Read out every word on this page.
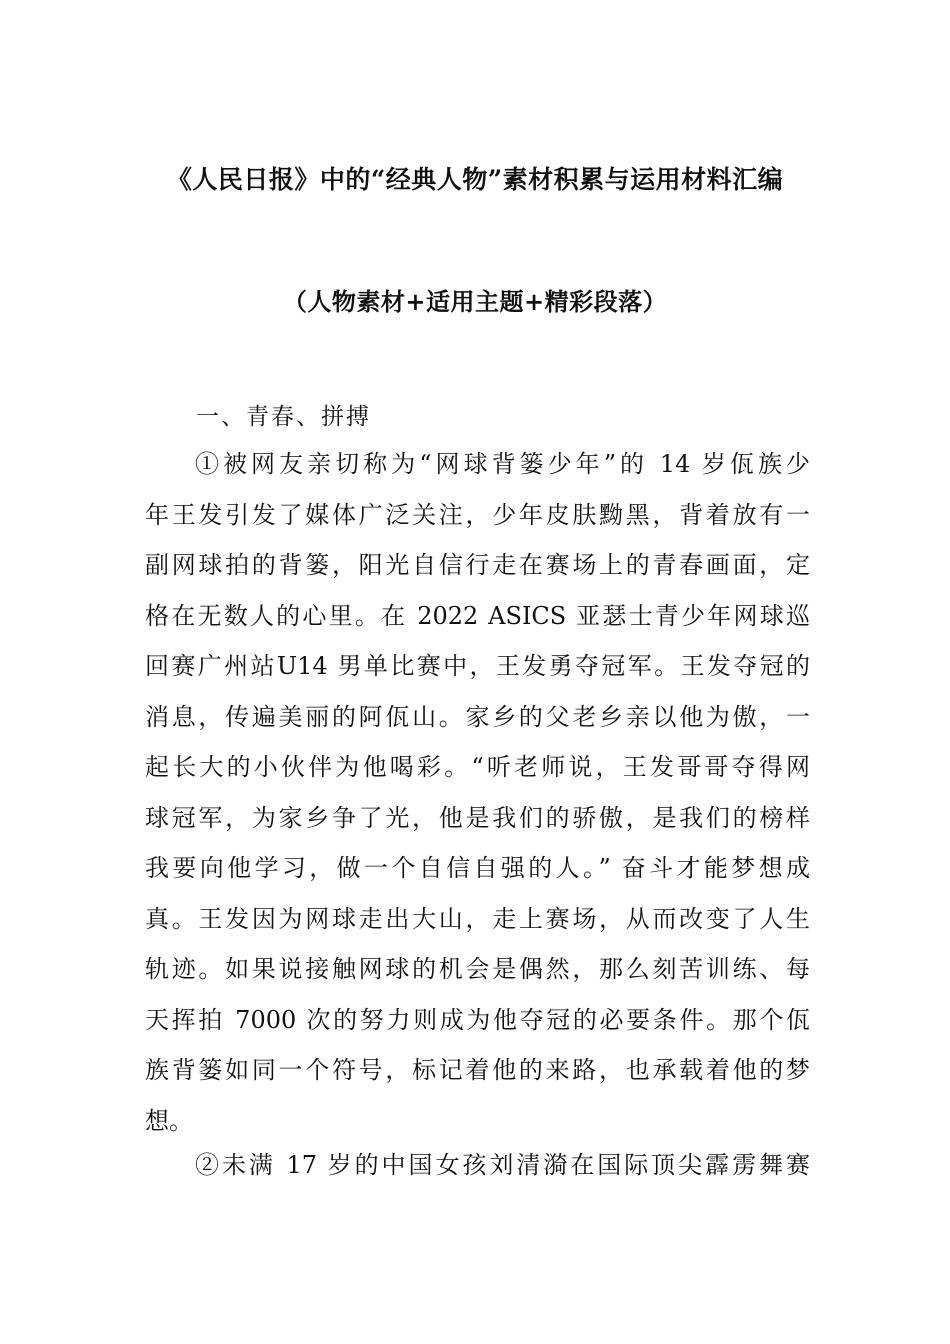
《人民日报》中的“经典人物”素材积累与运用材料汇编
（人物素材+适用主题+精彩段落）
一、青春、拼搏
①被网友亲切称为“网球背篓少年”的 14 岁佤族少
年王发引发了媒体广泛关注，少年皮肤黝黑，背着放有一
副网球拍的背篓，阳光自信行走在赛场上的青春画面，定
格在无数人的心里。在 2022 ASICS 亚瑟士青少年网球巡
回赛广州站U14 男单比赛中，王发勇夺冠军。王发夺冠的
消息，传遍美丽的阿佤山。家乡的父老乡亲以他为傲，一
起长大的小伙伴为他喝彩。“听老师说，王发哥哥夺得网
球冠军，为家乡争了光，他是我们的骄傲，是我们的榜样
我要向他学习，做一个自信自强的人。” 奋斗才能梦想成
真。王发因为网球走出大山，走上赛场，从而改变了人生
轨迹。如果说接触网球的机会是偶然，那么刻苦训练、每
天挥拍 7000 次的努力则成为他夺冠的必要条件。那个佤
族背篓如同一个符号，标记着他的来路，也承载着他的梦
想。
②未满 17 岁的中国女孩刘清漪在国际顶尖霹雳舞赛
